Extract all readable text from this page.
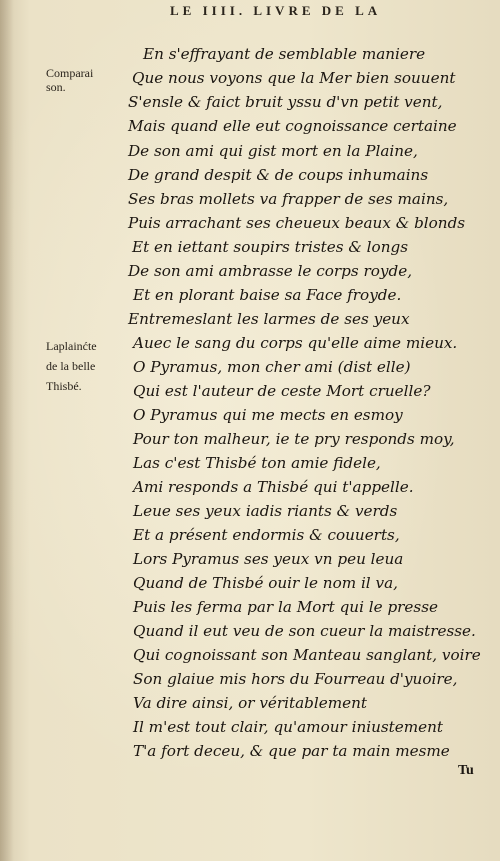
LE IIII. LIVRE DE LA
Comparai
son.
Laplainćte
de la belle
Thisbé.
En s'effrayant de semblable maniere
Que nous voyons que la Mer bien souuent
S'ensle & faict bruit yssu d'vn petit vent,
Mais quand elle eut cognoissance certaine
De son ami qui gist mort en la Plaine,
De grand despit & de coups inhumains
Ses bras mollets va frapper de ses mains,
Puis arrachant ses cheueux beaux & blonds
Et en iettant soupirs tristes & longs
De son ami ambrasse le corps royde,
Et en plorant baise sa Face froyde.
Entremeslant les larmes de ses yeux
Auec le sang du corps qu'elle aime mieux.
O Pyramus, mon cher ami (dist elle)
Qui est l'auteur de ceste Mort cruelle?
O Pyramus qui me mects en esmoy
Pour ton malheur, ie te pry responds moy,
Las c'est Thisbé ton amie fidele,
Ami responds a Thisbé qui t'appelle.
Leue ses yeux iadis riants & verds
Et a présent endormis & couuerts,
Lors Pyramus ses yeux vn peu leua
Quand de Thisbé ouir le nom il va,
Puis les ferma par la Mort qui le presse
Quand il eut veu de son cueur la maistresse.
Qui cognoissant son Manteau sanglant, voire
Son glaiue mis hors du Fourreau d'yuoire,
Va dire ainsi, or véritablement
Il m'est tout clair, qu'amour iniustement
T'a fort deceu, & que par ta main mesme
Tu
